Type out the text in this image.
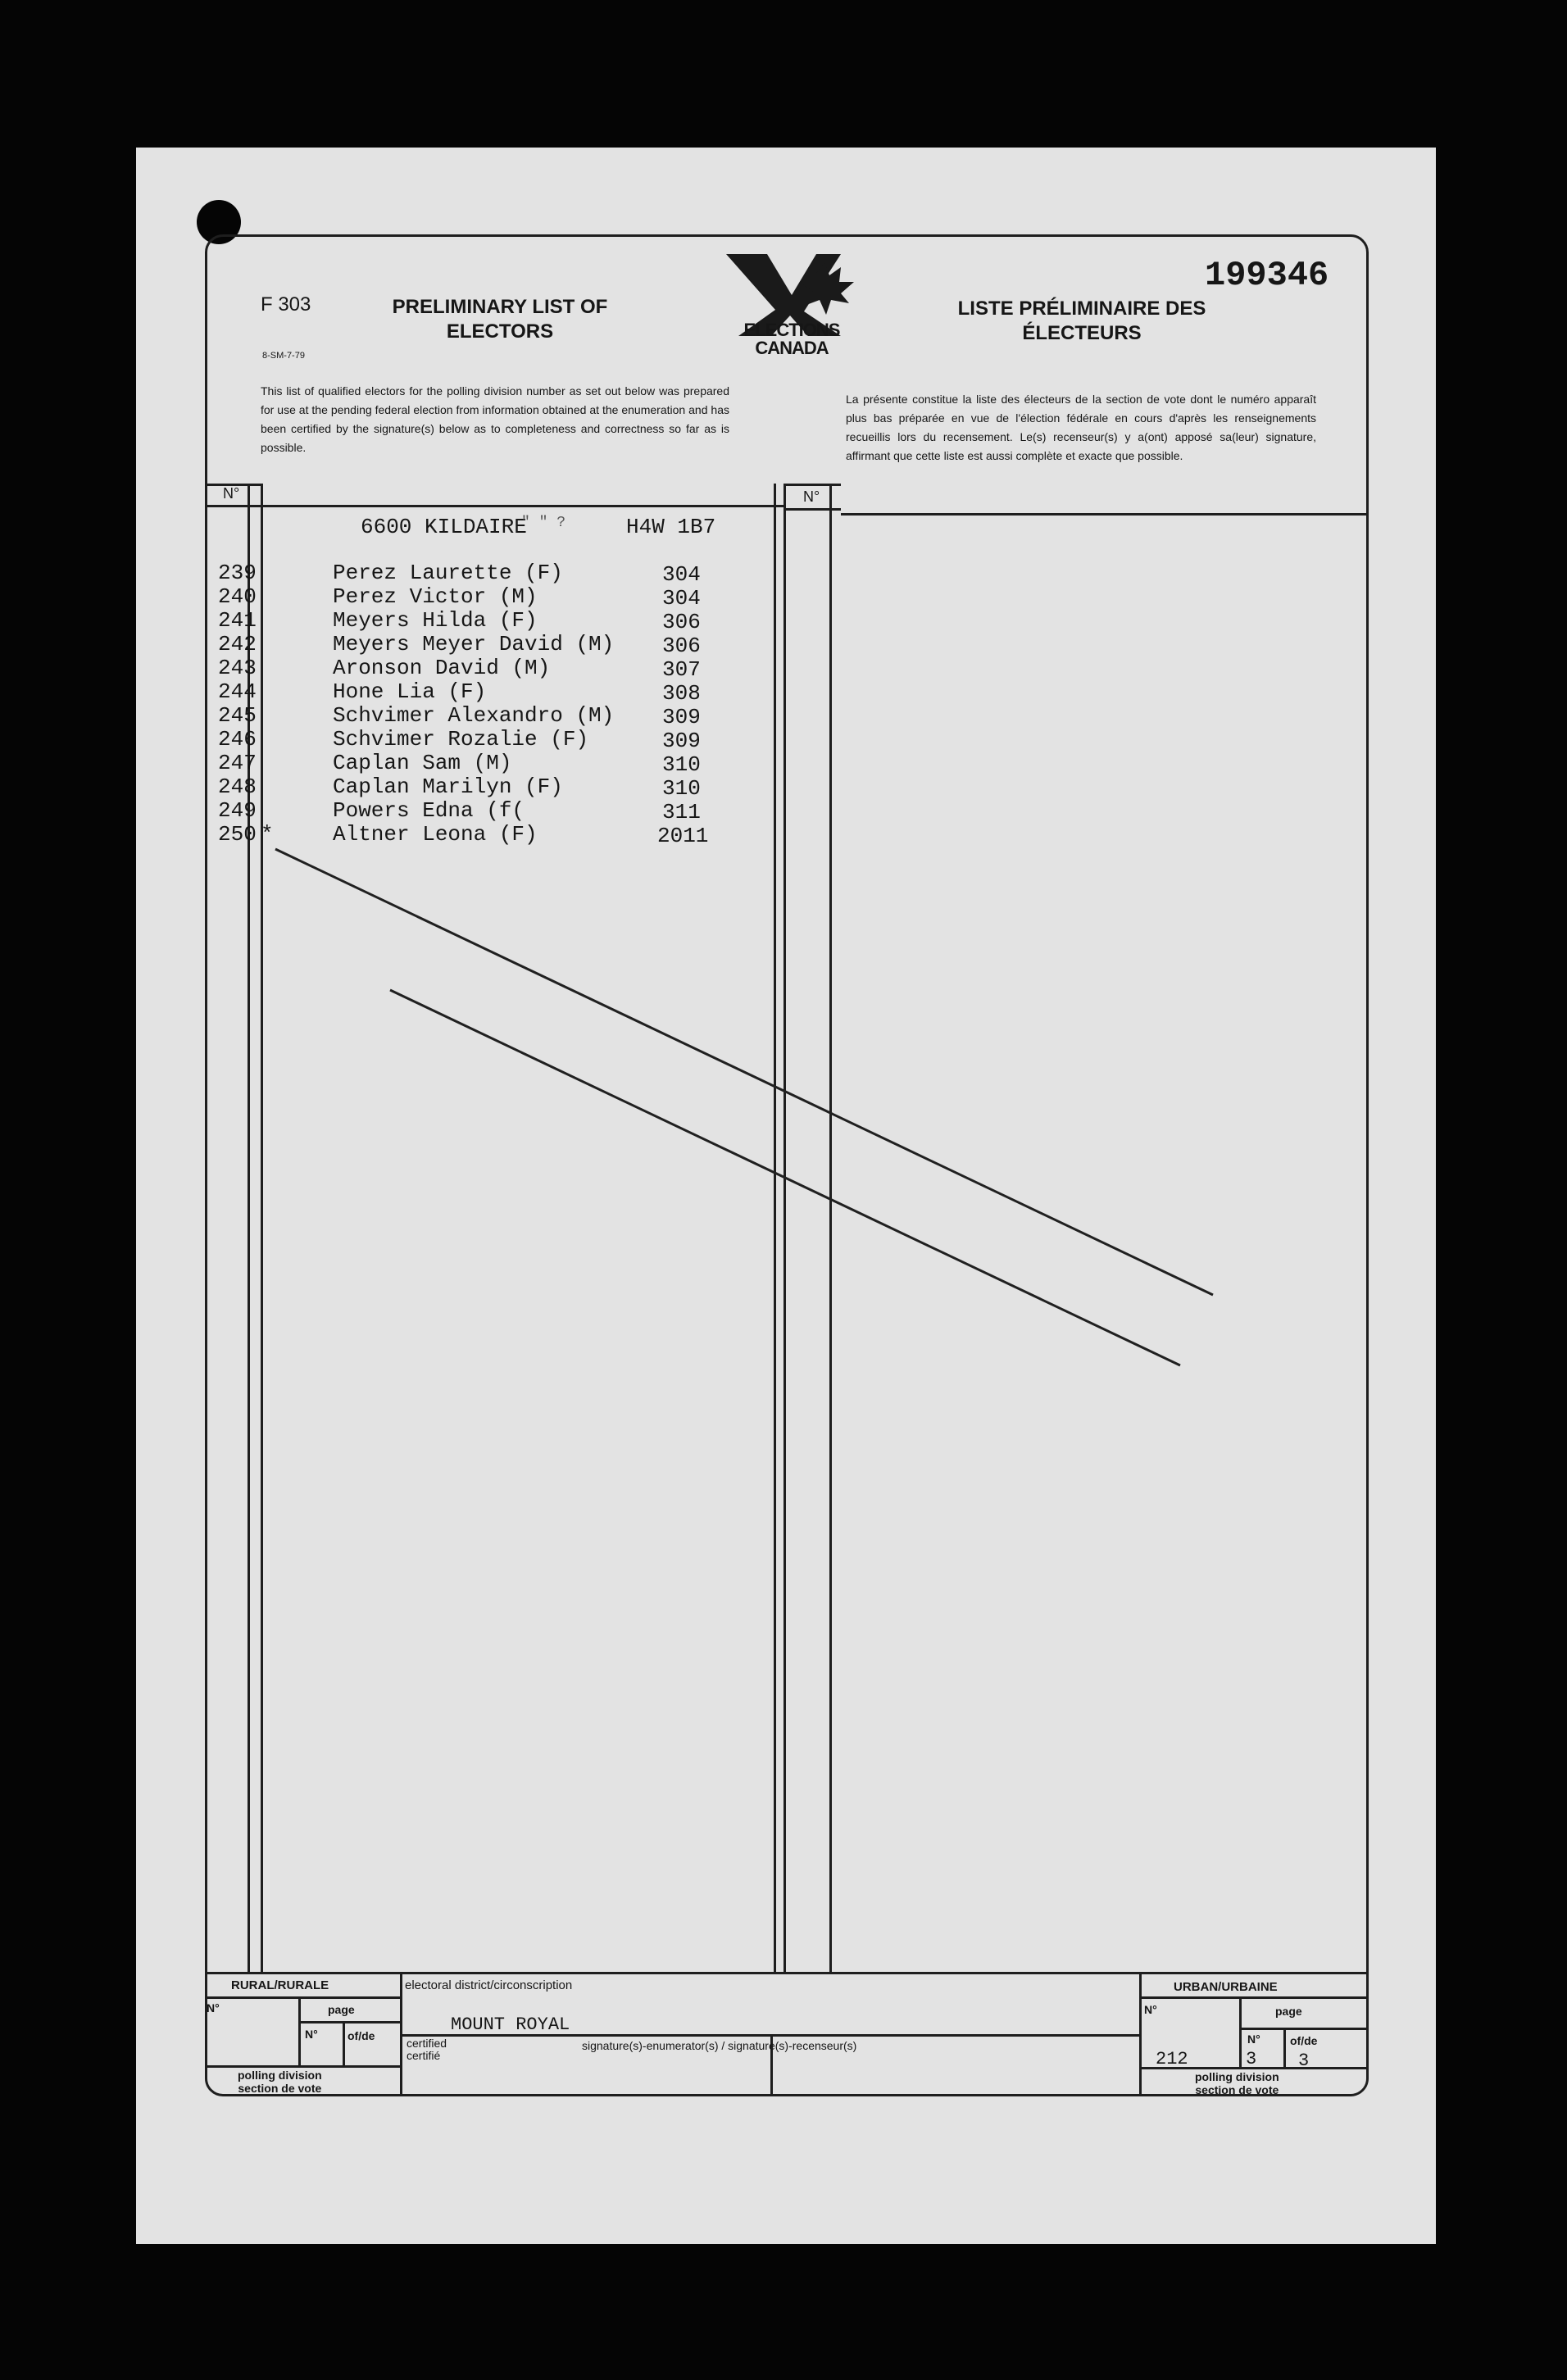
F 303
8-SM-7-79
PRELIMINARY LIST OF
ELECTORS	ELECTIONS
CANADA
LISTE PRÉLIMINAIRE DES
ÉLECTEURS
199346
This list of qualified electors for the polling division number as set out below was prepared for use at the pending federal election from information obtained at the enumeration and has been certified by the signature(s) below as to completeness and correctness so far as is possible.
La présente constitue la liste des électeurs de la section de vote dont le numéro apparaît plus bas préparée en vue de l'élection fédérale en cours d'après les renseignements recueillis lors du recensement. Le(s) recenseur(s) y a(ont) apposé sa(leur) signature, affirmant que cette liste est aussi complète et exacte que possible.
N°	N°
6600 KILDAIRE
" " ?	H4W 1B7
239	Perez Laurette (F)	304
240	Perez Victor (M)	304
241	Meyers Hilda (F)	306
242	Meyers Meyer David (M) 306
243	Aronson David (M)	307
244	Hone Lia (F)	308
245	Schvimer Alexandro (M) 309
246	Schvimer Rozalie (F)	309
247	Caplan Sam (M)	310
248	Caplan Marilyn (F)	310
249	Powers Edna (f(	311
250 *	Altner Leona (F)	2011
RURAL/RURALE	URBAN/URBAINE
N°	page
N°	of/de
polling division
section de vote
electoral district/circonscription
MOUNT ROYAL
certified
certifié
signature(s)-enumerator(s) / signature(s)-recenseur(s)
N°	page
N°	of/de
212	3 3
polling division
section de vote
